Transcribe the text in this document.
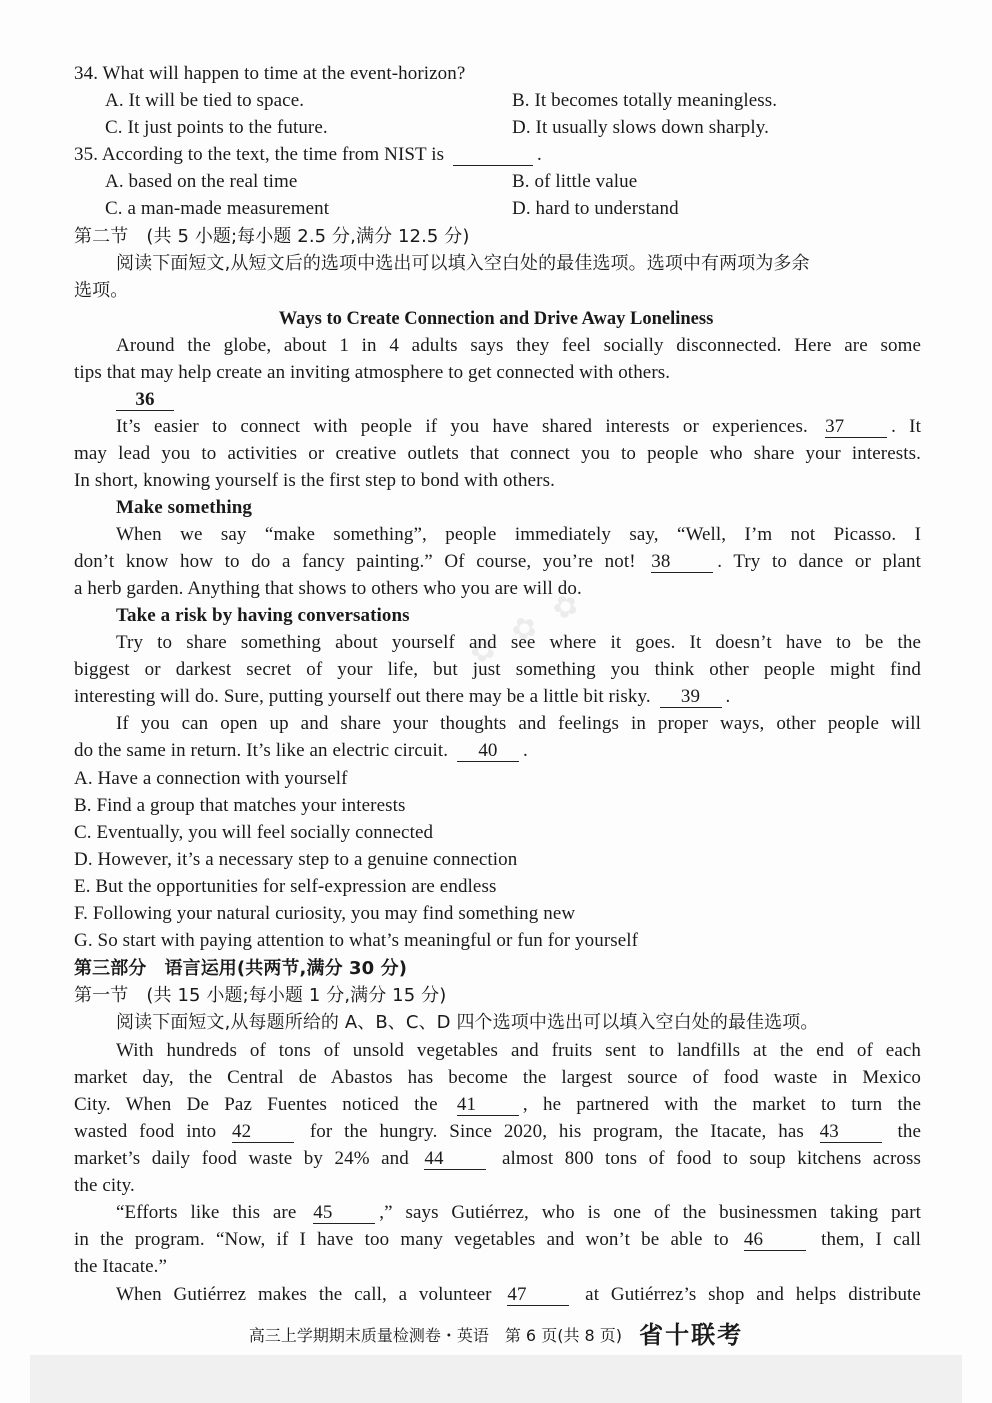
✿ ✿ ✿
34. What will happen to time at the event-horizon?
A. It will be tied to space.	B. It becomes totally meaningless.
C. It just points to the future.	D. It usually slows down sharply.
35. According to the text, the time from NIST is	.
A. based on the real time	B. of little value
C. a man-made measurement	D. hard to understand
第二节　(共 5 小题;每小题 2.5 分,满分 12.5 分)
阅读下面短文,从短文后的选项中选出可以填入空白处的最佳选项。选项中有两项为多余
选项。
Ways to Create Connection and Drive Away Loneliness
Around the globe, about 1 in 4 adults says they feel socially disconnected. Here are some
tips that may help create an inviting atmosphere to get connected with others.
36
It’s easier to connect with people if you have shared interests or experiences. 37 . It
may lead you to activities or creative outlets that connect you to people who share your interests.
In short, knowing yourself is the first step to bond with others.
Make something
When we say “make something”, people immediately say, “Well, I’m not Picasso. I
don’t know how to do a fancy painting.” Of course, you’re not! 38 . Try to dance or plant
a herb garden. Anything that shows to others who you are will do.
Take a risk by having conversations
Try to share something about yourself and see where it goes. It doesn’t have to be the
biggest or darkest secret of your life, but just something you think other people might find
interesting will do. Sure, putting yourself out there may be a little bit risky. 39 .
If you can open up and share your thoughts and feelings in proper ways, other people will
do the same in return. It’s like an electric circuit. 40 .
A. Have a connection with yourself
B. Find a group that matches your interests
C. Eventually, you will feel socially connected
D. However, it’s a necessary step to a genuine connection
E. But the opportunities for self-expression are endless
F. Following your natural curiosity, you may find something new
G. So start with paying attention to what’s meaningful or fun for yourself
第三部分　语言运用(共两节,满分 30 分)
第一节　(共 15 小题;每小题 1 分,满分 15 分)
阅读下面短文,从每题所给的 A、B、C、D 四个选项中选出可以填入空白处的最佳选项。
With hundreds of tons of unsold vegetables and fruits sent to landfills at the end of each
market day, the Central de Abastos has become the largest source of food waste in Mexico
City. When De Paz Fuentes noticed the 41 , he partnered with the market to turn the
wasted food into 42	for the hungry. Since 2020, his program, the Itacate, has 43	the
market’s daily food waste by 24% and 44	almost 800 tons of food to soup kitchens across
the city.
“Efforts like this are 45 ,” says Gutiérrez, who is one of the businessmen taking part
in the program. “Now, if I have too many vegetables and won’t be able to 46	them, I call
the Itacate.”
When Gutiérrez makes the call, a volunteer 47	at Gutiérrez’s shop and helps distribute
高三上学期期末质量检测卷・英语　第 6 页(共 8 页) 省十联考
